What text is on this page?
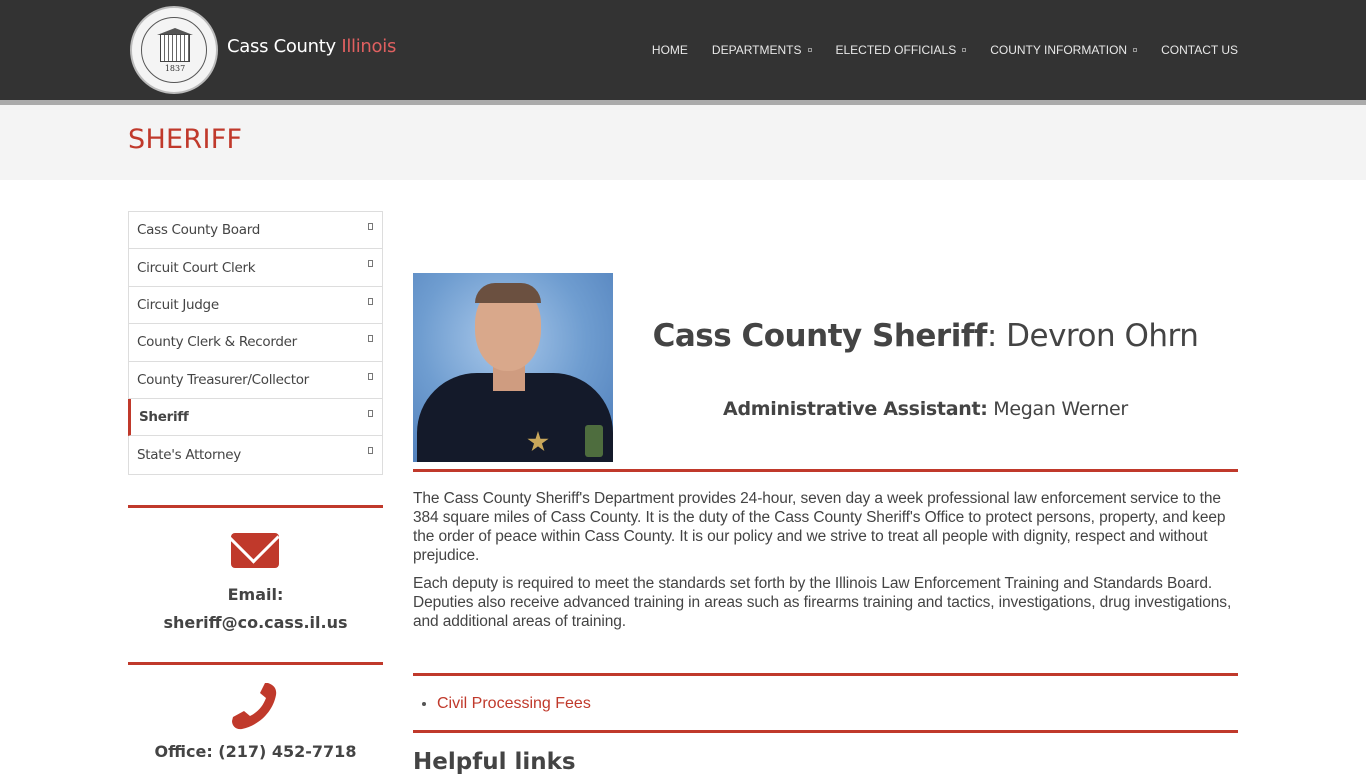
1837
Cass County Illinois	HOME DEPARTMENTS	ELECTED OFFICIALS	COUNTY INFORMATION	CONTACT US
SHERIFF
Cass County Board
Circuit Court Clerk
Circuit Judge
County Clerk & Recorder
County Treasurer/Collector
Sheriff
State's Attorney
Email:
sheriff@co.cass.il.us
Office: (217) 452-7718
Cass County Sheriff: Devron Ohrn
Administrative Assistant: Megan Werner

The Cass County Sheriff's Department provides 24-hour, seven day a week professional law enforcement service to the 384 square miles of Cass County. It is the duty of the Cass County Sheriff's Office to protect persons, property, and keep the order of peace within Cass County. It is our policy and we strive to treat all people with dignity, respect and without prejudice.

Each deputy is required to meet the standards set forth by the Illinois Law Enforcement Training and Standards Board. Deputies also receive advanced training in areas such as firearms training and tactics, investigations, drug investigations, and additional areas of training.

• Civil Processing Fees
Helpful links
